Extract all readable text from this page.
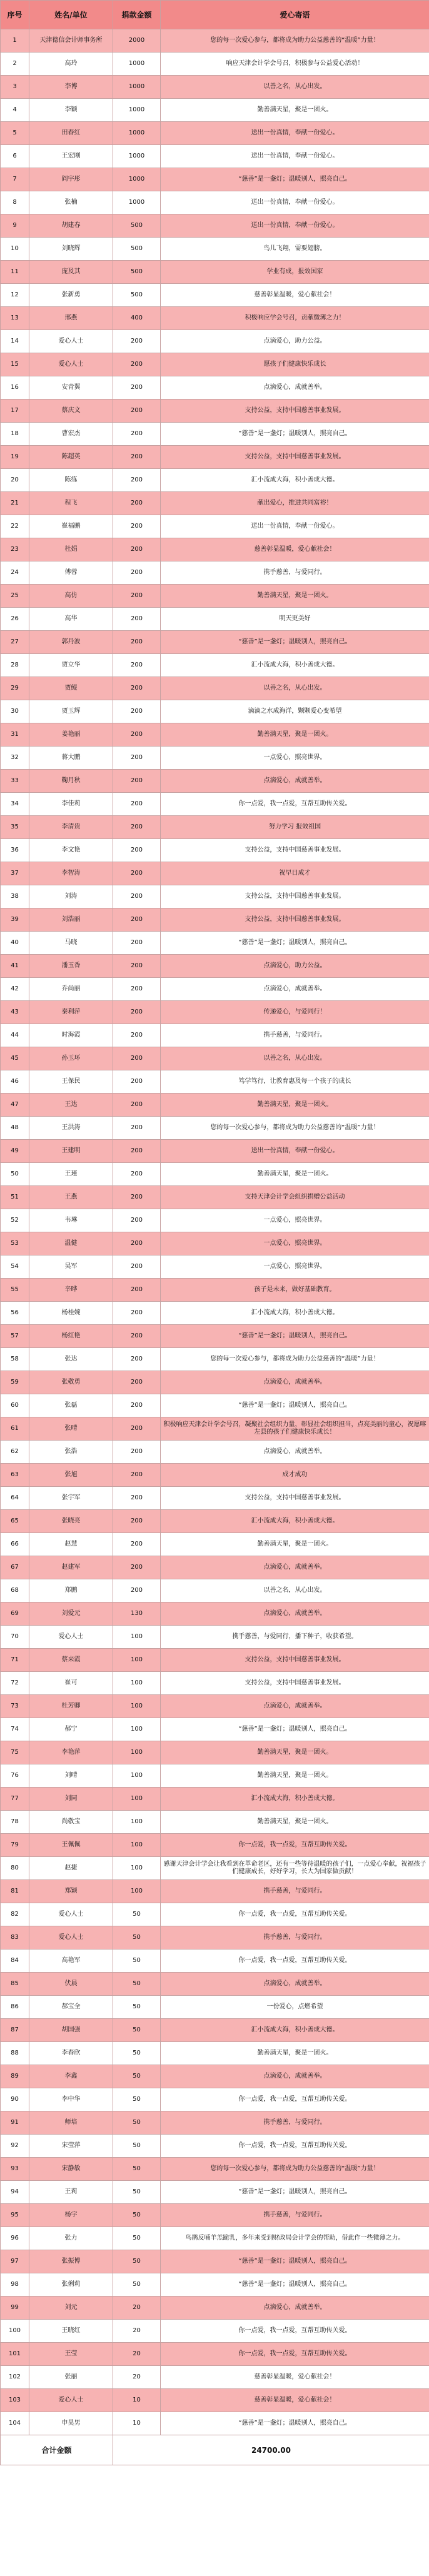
序号	姓名/单位	捐款金额	爱心寄语
1	天津德信会计师事务所	2000	您的每一次爱心参与，都将成为助力公益慈善的“温暖”力量！
2	高玲	1000	响应天津会计学会号召，积极参与公益爱心活动！
3	李博	1000	以善之名，从心出发。
4	李颖	1000	勤善满天星，聚是一团火。
5	田春红	1000	送出一份真情，奉献一份爱心。
6	王宏刚	1000	送出一份真情，奉献一份爱心。
7	阎宇彤	1000	“慈善”是一盏灯；温暖别人，照亮自己。
8	张楠	1000	送出一份真情，奉献一份爱心。
9	胡建春	500	送出一份真情，奉献一份爱心。
10	刘晓辉	500	鸟儿飞翔，需要翅膀。
11	庞及其	500	学业有成，报效国家
12	张新勇	500	慈善彰显温暖，爱心献社会！
13	邢燕	400	积极响应学会号召，贡献微薄之力！
14	爱心人士	200	点滴爱心，助力公益。
15	爱心人士	200	愿孩子们健康快乐成长
16	安青翼	200	点滴爱心，成就善举。
17	蔡庆文	200	支持公益，支持中国慈善事业发展。
18	曹宏杰	200	“慈善”是一盏灯；温暖别人，照亮自己。
19	陈超英	200	支持公益，支持中国慈善事业发展。
20	陈练	200	汇小流成大海，积小善成大德。
21	程飞	200	献出爱心，推进共同富裕！
22	崔福鹏	200	送出一份真情，奉献一份爱心。
23	杜娟	200	慈善彰显温暖，爱心献社会！
24	傅蓉	200	携手慈善，与爱同行。
25	高仿	200	勤善满天星，聚是一团火。
26	高华	200	明天更美好
27	郭丹波	200	“慈善”是一盏灯；温暖别人，照亮自己。
28	贾立华	200	汇小流成大海，积小善成大德。
29	贾鲲	200	以善之名，从心出发。
30	贾玉辉	200	滴滴之水成海洋，颗颗爱心变希望
31	姜艳丽	200	勤善满天星，聚是一团火。
32	蒋大鹏	200	一点爱心，照亮世界。
33	鞠月秋	200	点滴爱心，成就善举。
34	李佳莉	200	你一点爱，我一点爱，互帮互助传关爱。
35	李清贵	200	努力学习 报效祖国
36	李文艳	200	支持公益，支持中国慈善事业发展。
37	李智涛	200	祝早日成才
38	刘涛	200	支持公益，支持中国慈善事业发展。
39	刘浩丽	200	支持公益，支持中国慈善事业发展。
40	马晓	200	“慈善”是一盏灯；温暖别人，照亮自己。
41	潘玉香	200	点滴爱心，助力公益。
42	乔尚丽	200	点滴爱心，成就善举。
43	秦利萍	200	传递爱心，与爱同行！
44	时海霞	200	携手慈善，与爱同行。
45	孙玉环	200	以善之名，从心出发。
46	王保民	200	笃学笃行，让教育惠及每一个孩子的成长
47	王达	200	勤善满天星，聚是一团火。
48	王洪涛	200	您的每一次爱心参与，都将成为助力公益慈善的“温暖”力量！
49	王建明	200	送出一份真情，奉献一份爱心。
50	王瑾	200	勤善满天星，聚是一团火。
51	王燕	200	支持天津会计学会组织捐赠公益活动
52	韦琳	200	一点爱心，照亮世界。
53	温健	200	一点爱心，照亮世界。
54	吴军	200	一点爱心，照亮世界。
55	辛晔	200	孩子是未来，做好基础教育。
56	杨桂婉	200	汇小流成大海，积小善成大德。
57	杨红艳	200	“慈善”是一盏灯；温暖别人，照亮自己。
58	张达	200	您的每一次爱心参与，都将成为助力公益慈善的“温暖”力量！
59	张敬勇	200	点滴爱心，成就善举。
60	张磊	200	“慈善”是一盏灯；温暖别人，照亮自己。
61	张晴	200	积极响应天津会计学会号召，凝聚社会组织力量，彰显社会组织担当，点亮美丽的童心，祝愿喀左县的孩子们健康快乐成长！
62	张浩	200	点滴爱心，成就善举。
63	张旭	200	成才成功
64	张宇军	200	支持公益，支持中国慈善事业发展。
65	张晓亮	200	汇小流成大海，积小善成大德。
66	赵慧	200	勤善满天星，聚是一团火。
67	赵建军	200	点滴爱心，成就善举。
68	郑鹏	200	以善之名，从心出发。
69	刘爱元	130	点滴爱心，成就善举。
70	爱心人士	100	携手慈善，与爱同行，播下种子，收获希望。
71	蔡来霞	100	支持公益，支持中国慈善事业发展。
72	崔可	100	支持公益，支持中国慈善事业发展。
73	杜芳卿	100	点滴爱心，成就善举。
74	郝宁	100	“慈善”是一盏灯；温暖别人，照亮自己。
75	李艳萍	100	勤善满天星，聚是一团火。
76	刘晴	100	勤善满天星，聚是一团火。
77	刘同	100	汇小流成大海，积小善成大德。
78	尚敬宝	100	勤善满天星，聚是一团火。
79	王佩佩	100	你一点爱，我一点爱，互帮互助传关爱。
80	赵捷	100	感谢天津会计学会让我看到在革命老区，还有一些等待温暖的孩子们，一点爱心奉献，祝福孩子们健康成长，好好学习，长大为国家做贡献！
81	郑颖	100	携手慈善，与爱同行。
82	爱心人士	50	你一点爱，我一点爱，互帮互助传关爱。
83	爱心人士	50	携手慈善，与爱同行。
84	高艳军	50	你一点爱，我一点爱，互帮互助传关爱。
85	伏晨	50	点滴爱心，成就善举。
86	郝宝全	50	一份爱心，点燃希望
87	胡国强	50	汇小流成大海，积小善成大德。
88	李春欣	50	勤善满天星，聚是一团火。
89	李鑫	50	点滴爱心，成就善举。
90	李中华	50	你一点爱，我一点爱，互帮互助传关爱。
91	师培	50	携手慈善，与爱同行。
92	宋莹萍	50	你一点爱，我一点爱，互帮互助传关爱。
93	宋静敏	50	您的每一次爱心参与，都将成为助力公益慈善的“温暖”力量！
94	王莉	50	“慈善”是一盏灯；温暖别人，照亮自己。
95	杨宇	50	携手慈善，与爱同行。
96	张力	50	鸟鹊反哺羊羔跪乳，多年来受到财政局会计学会的帮助，借此作一些微薄之力。
97	张振博	50	“慈善”是一盏灯；温暖别人，照亮自己。
98	张俐莉	50	“慈善”是一盏灯；温暖别人，照亮自己。
99	刘元	20	点滴爱心，成就善举。
100	王晓红	20	你一点爱，我一点爱，互帮互助传关爱。
101	王莹	20	你一点爱，我一点爱，互帮互助传关爱。
102	张丽	20	慈善彰显温暖，爱心献社会！
103	爱心人士	10	慈善彰显温暖，爱心献社会！
104	申昊男	10	“慈善”是一盏灯；温暖别人，照亮自己。
合计金额		24700.00	
